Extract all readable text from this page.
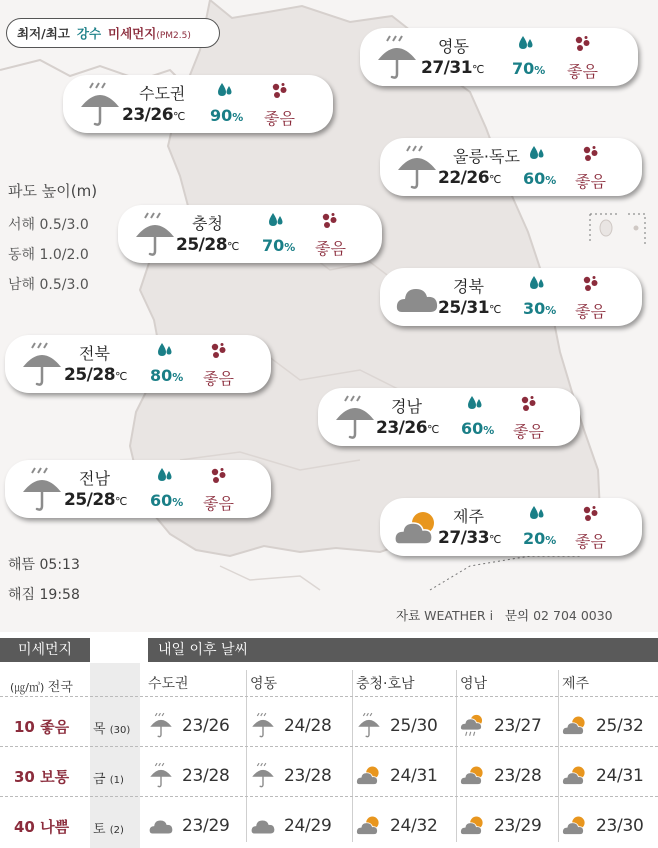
최저/최고 강수 미세먼지(PM2.5)
파도 높이(m)
서해 0.5/3.0
동해 1.0/2.0
남해 0.5/3.0
해뜸 05:13
해짐 19:58
자료 WEATHER i 문의 02 704 0030
수도권
23/26℃ 90% 좋음
영동
27/31℃ 70% 좋음
울릉·독도
22/26℃ 60% 좋음
충청
25/28℃ 70% 좋음
경북
25/31℃ 30% 좋음
전북
25/28℃ 80% 좋음
경남
23/26℃ 60% 좋음
전남
25/28℃ 60% 좋음
제주
27/33℃ 20% 좋음
미세먼지	내일 이후 날씨
(㎍/㎥) 전국	수도권	영동	충청·호남	영남	제주
10 좋음 목 (30)	23/26	24/28	25/30	23/27	25/32
30 보통 금 (1)	23/28	23/28	24/31	23/28	24/31
40 나쁨 토 (2)	23/29	24/29	24/32	23/29	23/30
